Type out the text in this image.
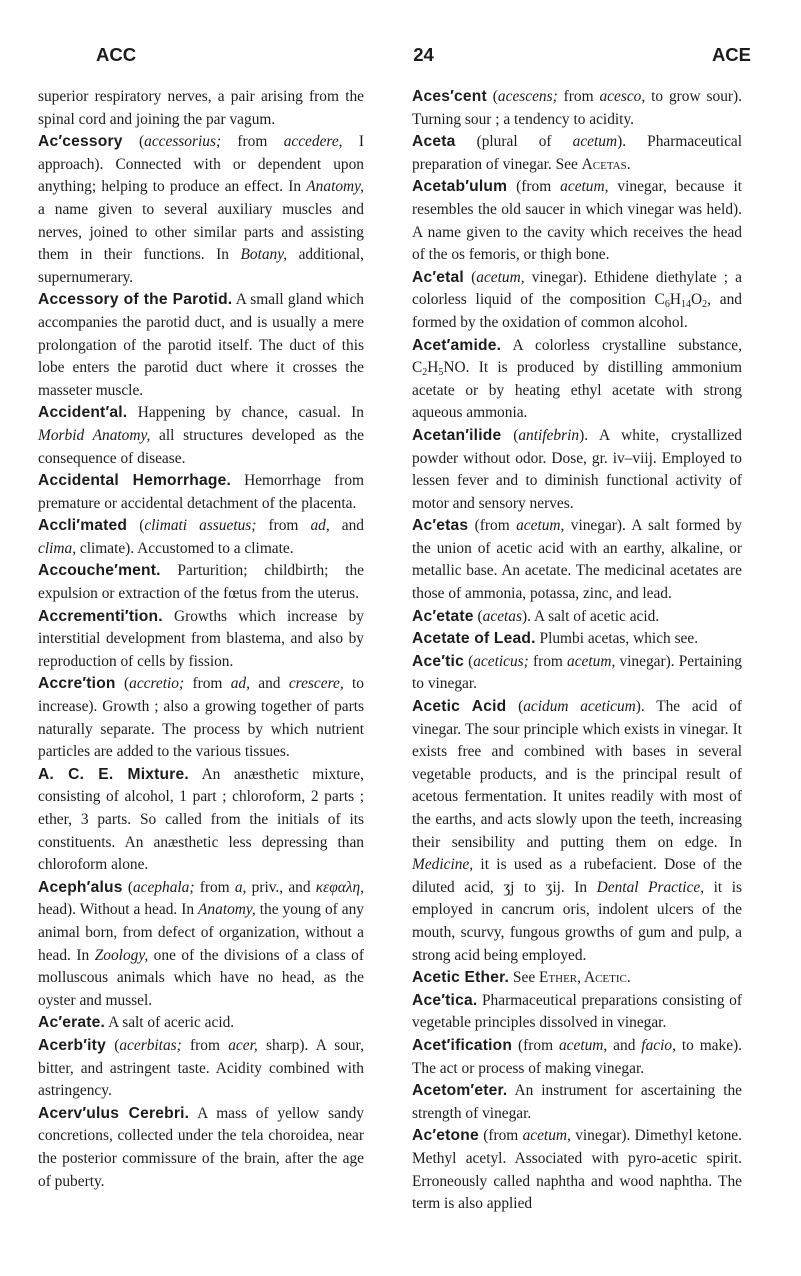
ACC	24	ACE

superior respiratory nerves, a pair arising from the spinal cord and joining the par vagum.

Ac′cessory (accessorius; from accedere, I approach). Connected with or dependent upon anything; helping to produce an effect. In Anatomy, a name given to several auxiliary muscles and nerves, joined to other similar parts and assisting them in their functions. In Botany, additional, supernumerary.

Accessory of the Parotid. A small gland which accompanies the parotid duct, and is usually a mere prolongation of the parotid itself. The duct of this lobe enters the parotid duct where it crosses the masseter muscle.

Accident′al. Happening by chance, casual. In Morbid Anatomy, all structures developed as the consequence of disease.

Accidental Hemorrhage. Hemorrhage from premature or accidental detachment of the placenta.

Accli′mated (climati assuetus; from ad, and clima, climate). Accustomed to a climate.

Accouche′ment. Parturition; childbirth; the expulsion or extraction of the fœtus from the uterus.

Accrementi′tion. Growths which increase by interstitial development from blastema, and also by reproduction of cells by fission.

Accre′tion (accretio; from ad, and crescere, to increase). Growth ; also a growing together of parts naturally separate. The process by which nutrient particles are added to the various tissues.

A. C. E. Mixture. An anæsthetic mixture, consisting of alcohol, 1 part ; chloroform, 2 parts ; ether, 3 parts. So called from the initials of its constituents. An anæsthetic less depressing than chloroform alone.

Aceph′alus (acephala; from a, priv., and κεφαλη, head). Without a head. In Anatomy, the young of any animal born, from defect of organization, without a head. In Zoology, one of the divisions of a class of molluscous animals which have no head, as the oyster and mussel.

Ac′erate. A salt of aceric acid.

Acerb′ity (acerbitas; from acer, sharp). A sour, bitter, and astringent taste. Acidity combined with astringency.

Acerv′ulus Cerebri. A mass of yellow sandy concretions, collected under the tela choroidea, near the posterior commissure of the brain, after the age of puberty.

Aces′cent (acescens; from acesco, to grow sour). Turning sour ; a tendency to acidity.

Aceta (plural of acetum). Pharmaceutical preparation of vinegar. See Acetas.

Acetab′ulum (from acetum, vinegar, because it resembles the old saucer in which vinegar was held). A name given to the cavity which receives the head of the os femoris, or thigh bone.

Ac′etal (acetum, vinegar). Ethidene diethylate ; a colorless liquid of the composition $C_6H_{14}O_2$, and formed by the oxidation of common alcohol.

Acet′amide. A colorless crystalline substance, $C_2H_5NO$. It is produced by distilling ammonium acetate or by heating ethyl acetate with strong aqueous ammonia.

Acetan′ilide (antifebrin). A white, crystallized powder without odor. Dose, gr. iv–viij. Employed to lessen fever and to diminish functional activity of motor and sensory nerves.

Ac′etas (from acetum, vinegar). A salt formed by the union of acetic acid with an earthy, alkaline, or metallic base. An acetate. The medicinal acetates are those of ammonia, potassa, zinc, and lead.

Ac′etate (acetas). A salt of acetic acid.

Acetate of Lead. Plumbi acetas, which see.

Ace′tic (aceticus; from acetum, vinegar). Pertaining to vinegar.

Acetic Acid (acidum aceticum). The acid of vinegar. The sour principle which exists in vinegar. It exists free and combined with bases in several vegetable products, and is the principal result of acetous fermentation. It unites readily with most of the earths, and acts slowly upon the teeth, increasing their sensibility and putting them on edge. In Medicine, it is used as a rubefacient. Dose of the diluted acid, ʒj to ʒij. In Dental Practice, it is employed in cancrum oris, indolent ulcers of the mouth, scurvy, fungous growths of gum and pulp, a strong acid being employed.

Acetic Ether. See Ether, Acetic.

Ace′tica. Pharmaceutical preparations consisting of vegetable principles dissolved in vinegar.

Acet′ification (from acetum, and facio, to make). The act or process of making vinegar.

Acetom′eter. An instrument for ascertaining the strength of vinegar.

Ac′etone (from acetum, vinegar). Dimethyl ketone. Methyl acetyl. Associated with pyro-acetic spirit. Erroneously called naphtha and wood naphtha. The term is also applied
